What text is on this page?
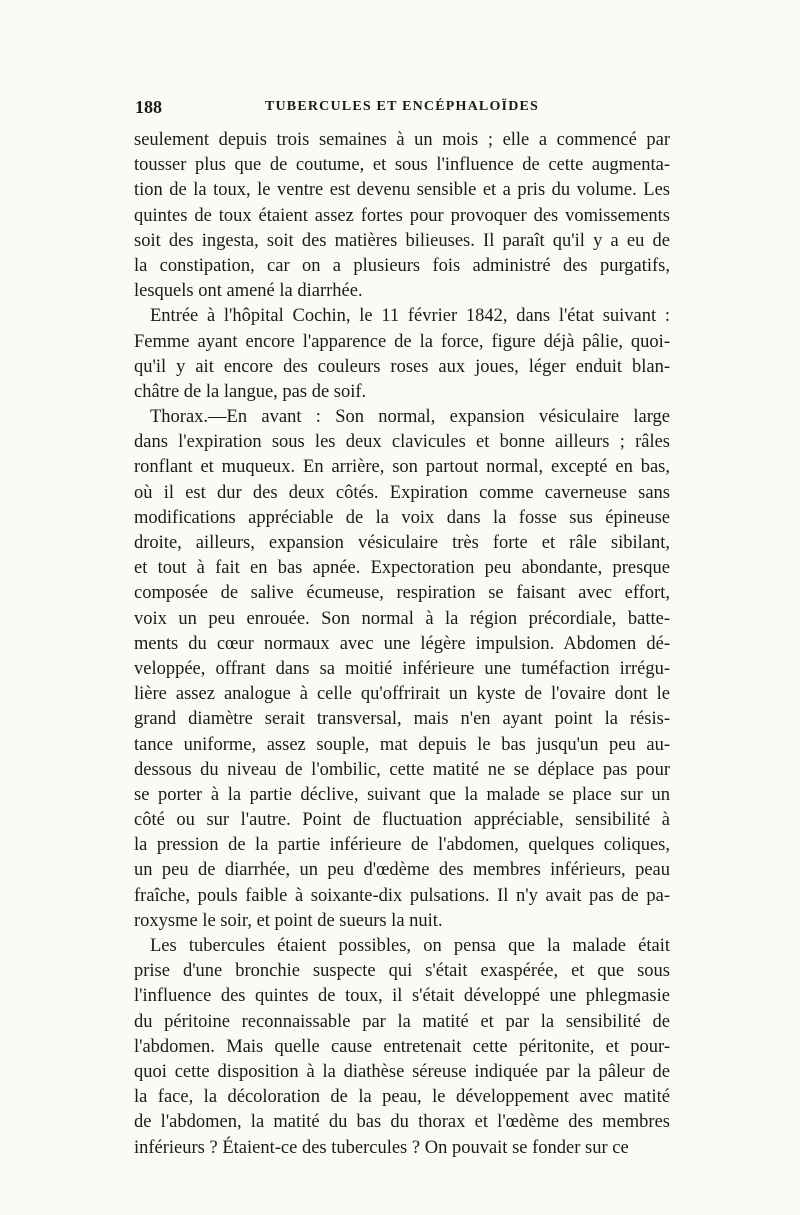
188	TUBERCULES ET ENCÉPHALOÏDES
seulement depuis trois semaines à un mois ; elle a commencé par
tousser plus que de coutume, et sous l'influence de cette augmenta-
tion de la toux, le ventre est devenu sensible et a pris du volume. Les
quintes de toux étaient assez fortes pour provoquer des vomissements
soit des ingesta, soit des matières bilieuses. Il paraît qu'il y a eu de
la constipation, car on a plusieurs fois administré des purgatifs,
lesquels ont amené la diarrhée.
Entrée à l'hôpital Cochin, le 11 février 1842, dans l'état suivant :
Femme ayant encore l'apparence de la force, figure déjà pâlie, quoi-
qu'il y ait encore des couleurs roses aux joues, léger enduit blan-
châtre de la langue, pas de soif.
Thorax.—En avant : Son normal, expansion vésiculaire large
dans l'expiration sous les deux clavicules et bonne ailleurs ; râles
ronflant et muqueux. En arrière, son partout normal, excepté en bas,
où il est dur des deux côtés. Expiration comme caverneuse sans
modifications appréciable de la voix dans la fosse sus épineuse
droite, ailleurs, expansion vésiculaire très forte et râle sibilant,
et tout à fait en bas apnée. Expectoration peu abondante, presque
composée de salive écumeuse, respiration se faisant avec effort,
voix un peu enrouée. Son normal à la région précordiale, batte-
ments du cœur normaux avec une légère impulsion. Abdomen dé-
veloppée, offrant dans sa moitié inférieure une tuméfaction irrégu-
lière assez analogue à celle qu'offrirait un kyste de l'ovaire dont le
grand diamètre serait transversal, mais n'en ayant point la résis-
tance uniforme, assez souple, mat depuis le bas jusqu'un peu au-
dessous du niveau de l'ombilic, cette matité ne se déplace pas pour
se porter à la partie déclive, suivant que la malade se place sur un
côté ou sur l'autre. Point de fluctuation appréciable, sensibilité à
la pression de la partie inférieure de l'abdomen, quelques coliques,
un peu de diarrhée, un peu d'œdème des membres inférieurs, peau
fraîche, pouls faible à soixante-dix pulsations. Il n'y avait pas de pa-
roxysme le soir, et point de sueurs la nuit.
Les tubercules étaient possibles, on pensa que la malade était
prise d'une bronchie suspecte qui s'était exaspérée, et que sous
l'influence des quintes de toux, il s'était développé une phlegmasie
du péritoine reconnaissable par la matité et par la sensibilité de
l'abdomen. Mais quelle cause entretenait cette péritonite, et pour-
quoi cette disposition à la diathèse séreuse indiquée par la pâleur de
la face, la décoloration de la peau, le développement avec matité
de l'abdomen, la matité du bas du thorax et l'œdème des membres
inférieurs ? Étaient-ce des tubercules ? On pouvait se fonder sur ce
